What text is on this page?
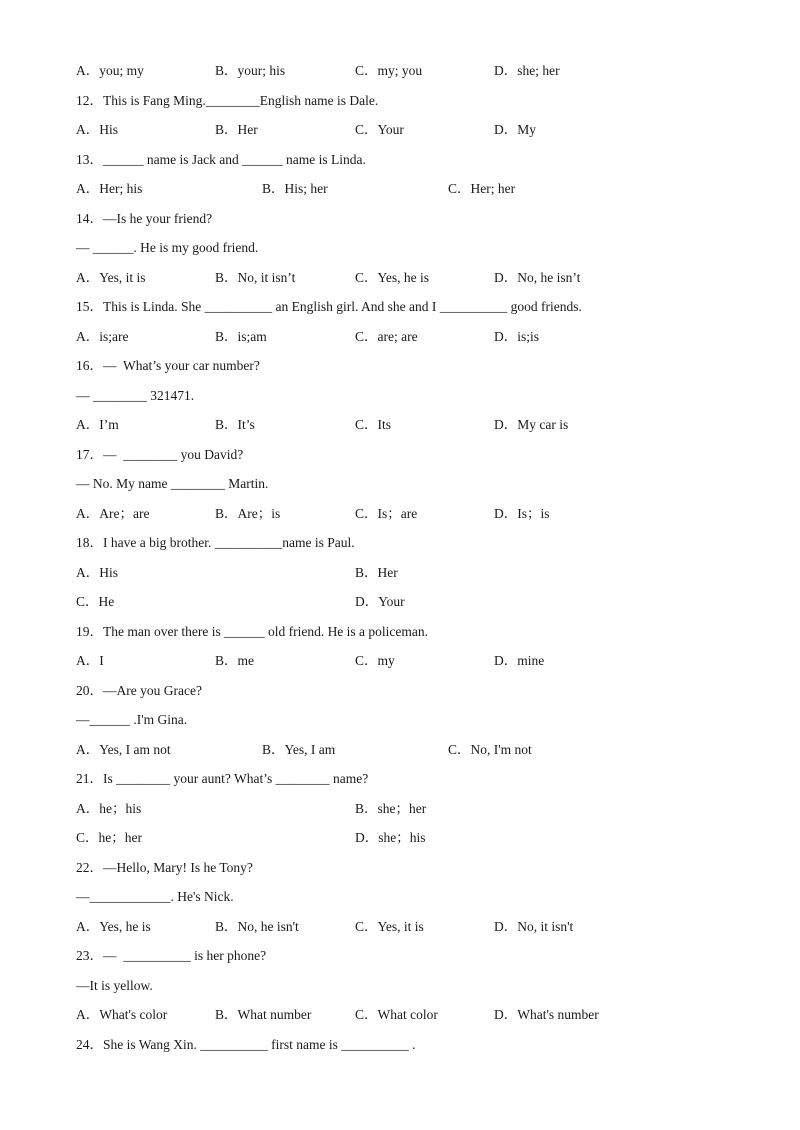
A．you; my	B．your; his	C．my; you	D．she; her
12．This is Fang Ming.________English name is Dale.
A．His	B．Her	C．Your	D．My
13．______ name is Jack and ______ name is Linda.
A．Her; his	B．His; her	C．Her; her
14．—Is he your friend?
— ______. He is my good friend.
A．Yes, it is	B．No, it isn’t	C．Yes, he is	D．No, he isn’t
15．This is Linda. She __________ an English girl. And she and I __________ good friends.
A．is;are	B．is;am	C．are; are	D．is;is
16．—  What’s your car number?
— ________ 321471.
A．I’m	B．It’s	C．Its	D．My car is
17．—  ________ you David?
— No. My name ________ Martin.
A．Are；are	B．Are；is	C．Is；are	D．Is；is
18．I have a big brother. __________name is Paul.
A．His	B．Her
C．He	D．Your
19．The man over there is ______ old friend. He is a policeman.
A．I	B．me	C．my	D．mine
20．—Are you Grace?
—______ .I'm Gina.
A．Yes, I am not	B．Yes, I am	C．No, I'm not
21．Is ________ your aunt? What’s ________ name?
A．he；his	B．she；her
C．he；her	D．she；his
22．—Hello, Mary! Is he Tony?
—____________. He's Nick.
A．Yes, he is	B．No, he isn't	C．Yes, it is	D．No, it isn't
23．—  __________ is her phone?
—It is yellow.
A．What's color	B．What number	C．What color	D．What's number
24．She is Wang Xin. __________ first name is __________ .
